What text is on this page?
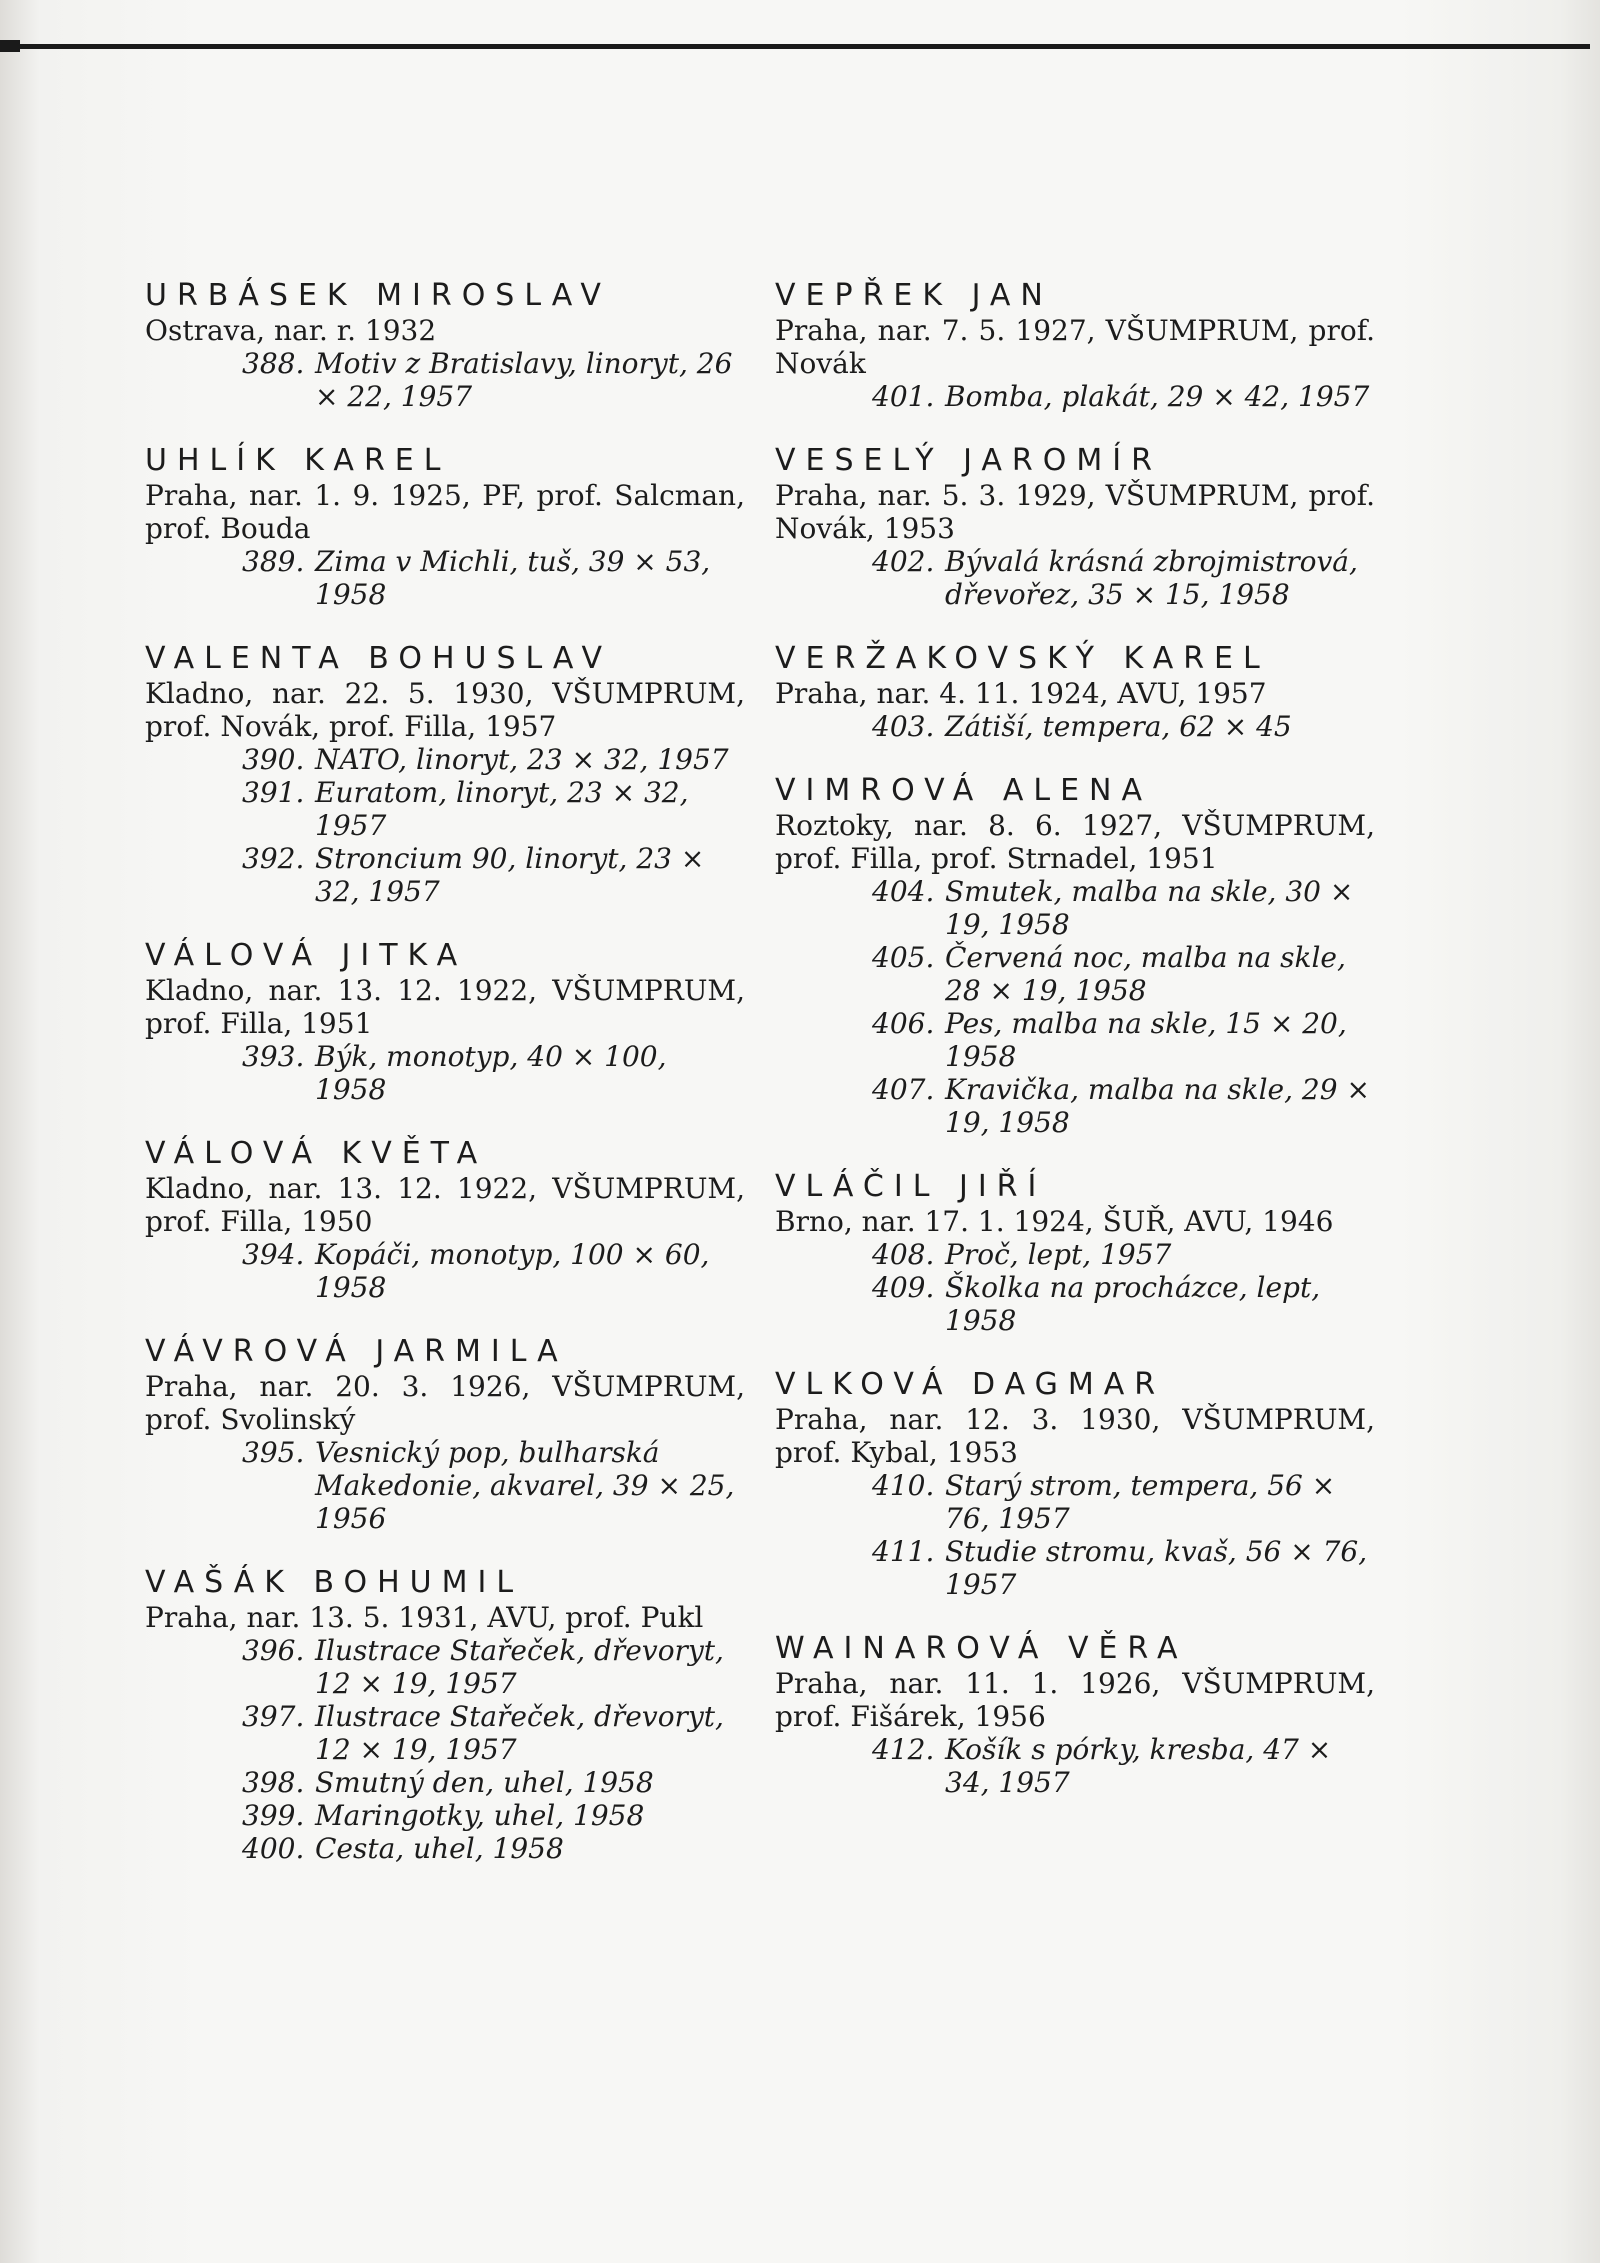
URBÁSEK MIROSLAV

Ostrava, nar. r. 1932

388. Motiv z Bratislavy, linoryt, 26 × 22, 1957

UHLÍK KAREL

Praha, nar. 1. 9. 1925, PF, prof. Salcman, prof. Bouda

389. Zima v Michli, tuš, 39 × 53, 1958

VALENTA BOHUSLAV

Kladno, nar. 22. 5. 1930, VŠUMPRUM, prof. Novák, prof. Filla, 1957

390. NATO, linoryt, 23 × 32, 1957
391. Euratom, linoryt, 23 × 32, 1957
392. Stroncium 90, linoryt, 23 × 32, 1957

VÁLOVÁ JITKA

Kladno, nar. 13. 12. 1922, VŠUMPRUM, prof. Filla, 1951

393. Býk, monotyp, 40 × 100, 1958

VÁLOVÁ KVĚTA

Kladno, nar. 13. 12. 1922, VŠUMPRUM, prof. Filla, 1950

394. Kopáči, monotyp, 100 × 60, 1958

VÁVROVÁ JARMILA

Praha, nar. 20. 3. 1926, VŠUMPRUM, prof. Svolinský

395. Vesnický pop, bulharská Makedonie, akvarel, 39 × 25, 1956

VAŠÁK BOHUMIL

Praha, nar. 13. 5. 1931, AVU, prof. Pukl

396. Ilustrace Stařeček, dřevoryt, 12 × 19, 1957
397. Ilustrace Stařeček, dřevoryt, 12 × 19, 1957
398. Smutný den, uhel, 1958
399. Maringotky, uhel, 1958
400. Cesta, uhel, 1958

VEPŘEK JAN

Praha, nar. 7. 5. 1927, VŠUMPRUM, prof. Novák

401. Bomba, plakát, 29 × 42, 1957

VESELÝ JAROMÍR

Praha, nar. 5. 3. 1929, VŠUMPRUM, prof. Novák, 1953

402. Bývalá krásná zbrojmistrová, dřevořez, 35 × 15, 1958

VERŽAKOVSKÝ KAREL

Praha, nar. 4. 11. 1924, AVU, 1957

403. Zátiší, tempera, 62 × 45

VIMROVÁ ALENA

Roztoky, nar. 8. 6. 1927, VŠUMPRUM, prof. Filla, prof. Strnadel, 1951

404. Smutek, malba na skle, 30 × 19, 1958
405. Červená noc, malba na skle, 28 × 19, 1958
406. Pes, malba na skle, 15 × 20, 1958
407. Kravička, malba na skle, 29 × 19, 1958

VLÁČIL JIŘÍ

Brno, nar. 17. 1. 1924, ŠUŘ, AVU, 1946

408. Proč, lept, 1957
409. Školka na procházce, lept, 1958

VLKOVÁ DAGMAR

Praha, nar. 12. 3. 1930, VŠUMPRUM, prof. Kybal, 1953

410. Starý strom, tempera, 56 × 76, 1957
411. Studie stromu, kvaš, 56 × 76, 1957

WAINAROVÁ VĚRA

Praha, nar. 11. 1. 1926, VŠUMPRUM, prof. Fišárek, 1956

412. Košík s pórky, kresba, 47 × 34, 1957
